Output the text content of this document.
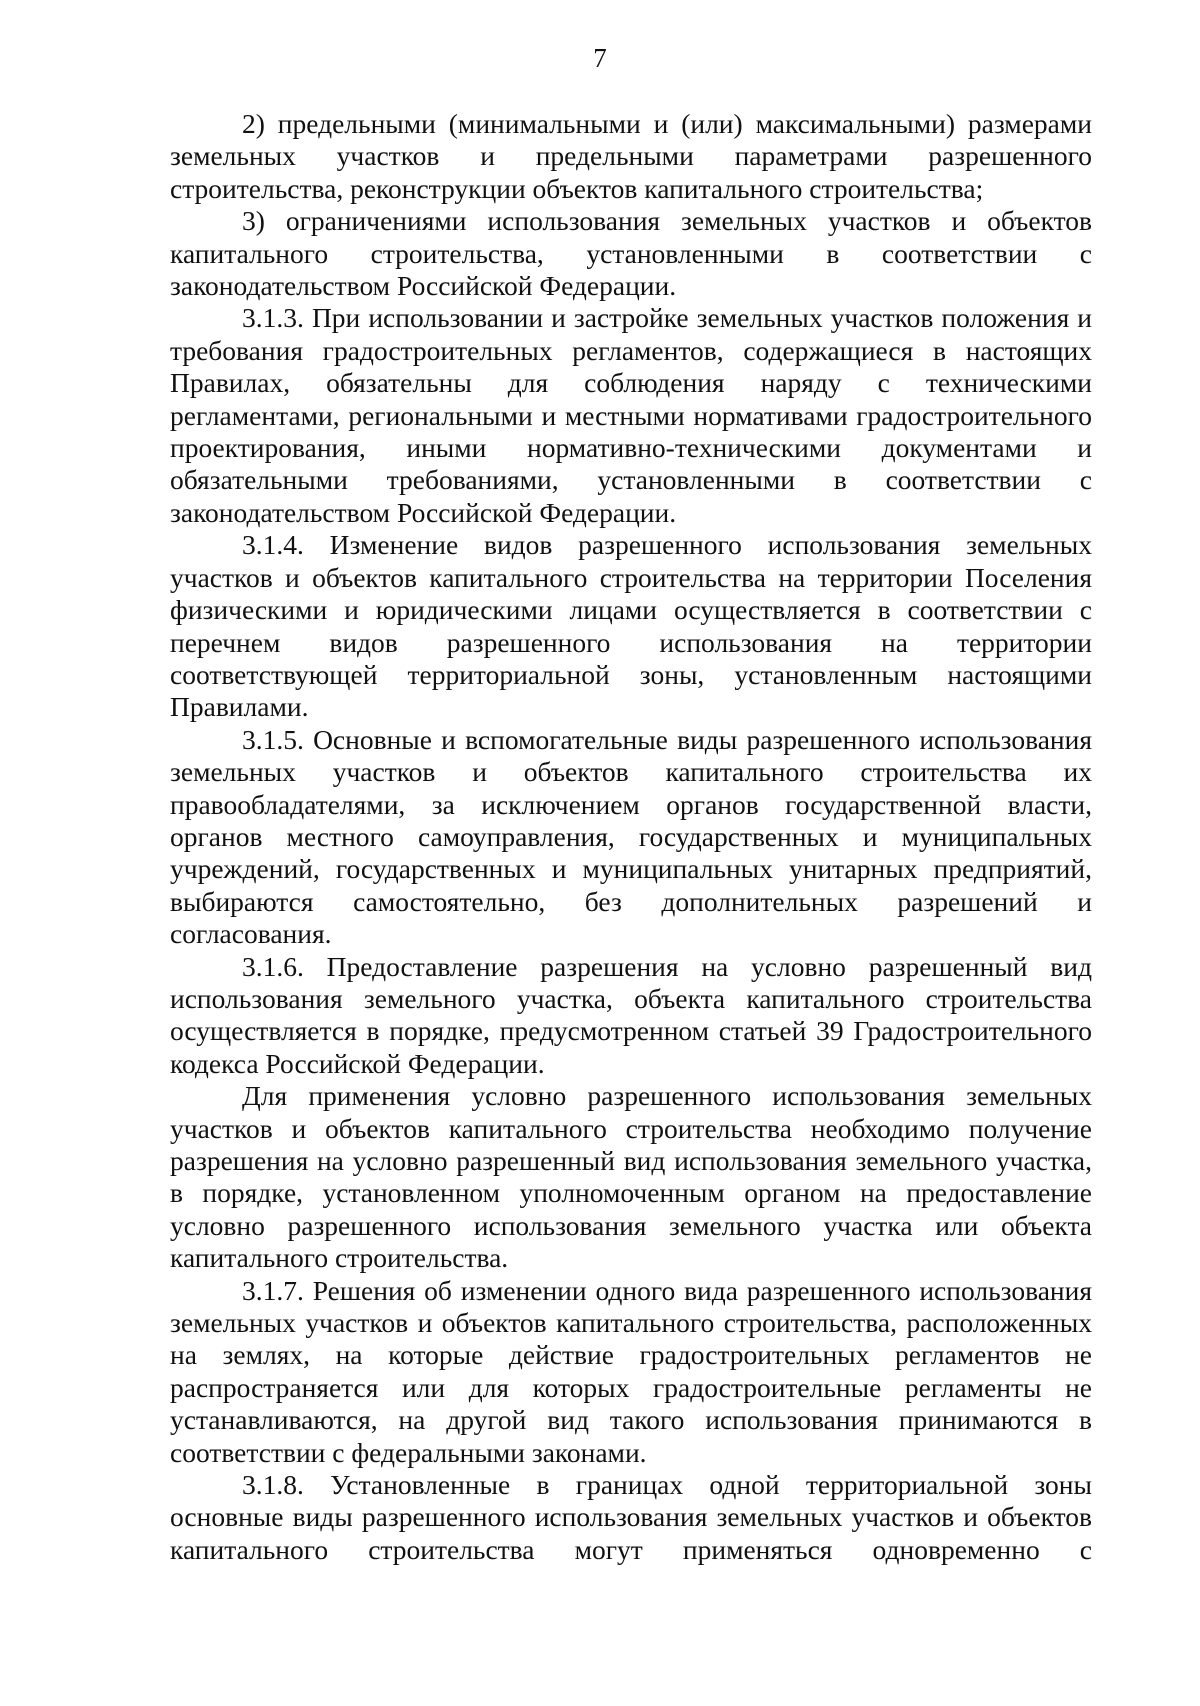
7

2) предельными (минимальными и (или) максимальными) размерами земельных участков и предельными параметрами разрешенного строительства, реконструкции объектов капитального строительства;

3) ограничениями использования земельных участков и объектов капитального строительства, установленными в соответствии с законодательством Российской Федерации.

3.1.3. При использовании и застройке земельных участков положения и требования градостроительных регламентов, содержащиеся в настоящих Правилах, обязательны для соблюдения наряду с техническими регламентами, региональными и местными нормативами градостроительного проектирования, иными нормативно-техническими документами и обязательными требованиями, установленными в соответствии с законодательством Российской Федерации.

3.1.4. Изменение видов разрешенного использования земельных участков и объектов капитального строительства на территории Поселения физическими и юридическими лицами осуществляется в соответствии с перечнем видов разрешенного использования на территории соответствующей территориальной зоны, установленным настоящими Правилами.

3.1.5. Основные и вспомогательные виды разрешенного использования земельных участков и объектов капитального строительства их правообладателями, за исключением органов государственной власти, органов местного самоуправления, государственных и муниципальных учреждений, государственных и муниципальных унитарных предприятий, выбираются самостоятельно, без дополнительных разрешений и согласования.

3.1.6. Предоставление разрешения на условно разрешенный вид использования земельного участка, объекта капитального строительства осуществляется в порядке, предусмотренном статьей 39 Градостроительного кодекса Российской Федерации.

Для применения условно разрешенного использования земельных участков и объектов капитального строительства необходимо получение разрешения на условно разрешенный вид использования земельного участка, в порядке, установленном уполномоченным органом на предоставление условно разрешенного использования земельного участка или объекта капитального строительства.

3.1.7. Решения об изменении одного вида разрешенного использования земельных участков и объектов капитального строительства, расположенных на землях, на которые действие градостроительных регламентов не распространяется или для которых градостроительные регламенты не устанавливаются, на другой вид такого использования принимаются в соответствии с федеральными законами.

3.1.8. Установленные в границах одной территориальной зоны основные виды разрешенного использования земельных участков и объектов капитального строительства могут применяться одновременно с
